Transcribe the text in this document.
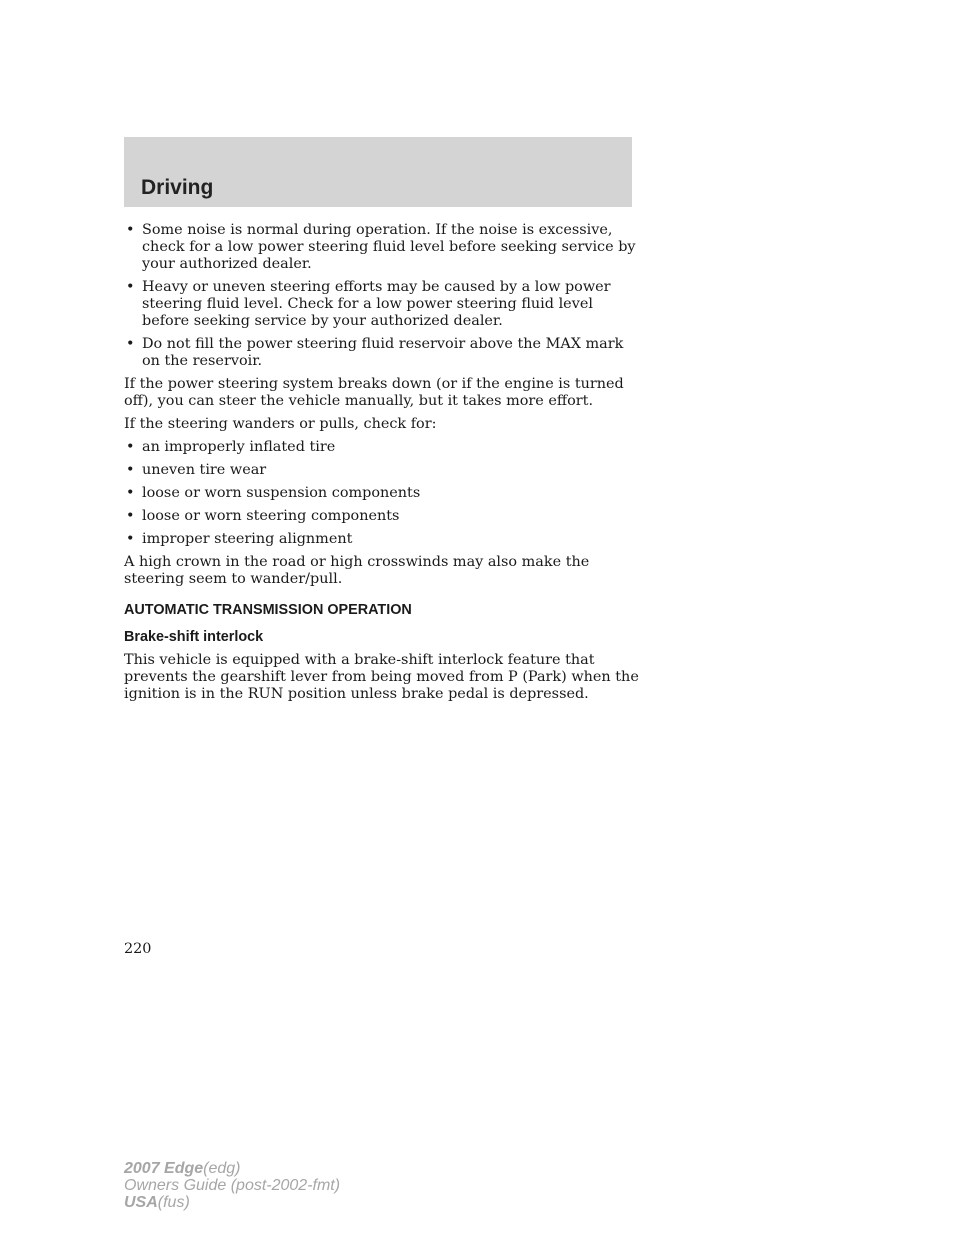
Driving
• Some noise is normal during operation. If the noise is excessive, check for a low power steering fluid level before seeking service by your authorized dealer.
• Heavy or uneven steering efforts may be caused by a low power steering fluid level. Check for a low power steering fluid level before seeking service by your authorized dealer.
• Do not fill the power steering fluid reservoir above the MAX mark on the reservoir.

If the power steering system breaks down (or if the engine is turned off), you can steer the vehicle manually, but it takes more effort.

If the steering wanders or pulls, check for:

• an improperly inflated tire
• uneven tire wear
• loose or worn suspension components
• loose or worn steering components
• improper steering alignment

A high crown in the road or high crosswinds may also make the steering seem to wander/pull.

AUTOMATIC TRANSMISSION OPERATION
Brake-shift interlock

This vehicle is equipped with a brake-shift interlock feature that prevents the gearshift lever from being moved from P (Park) when the ignition is in the RUN position unless brake pedal is depressed.

220
2007 Edge(edg)
Owners Guide (post-2002-fmt)
USA(fus)
